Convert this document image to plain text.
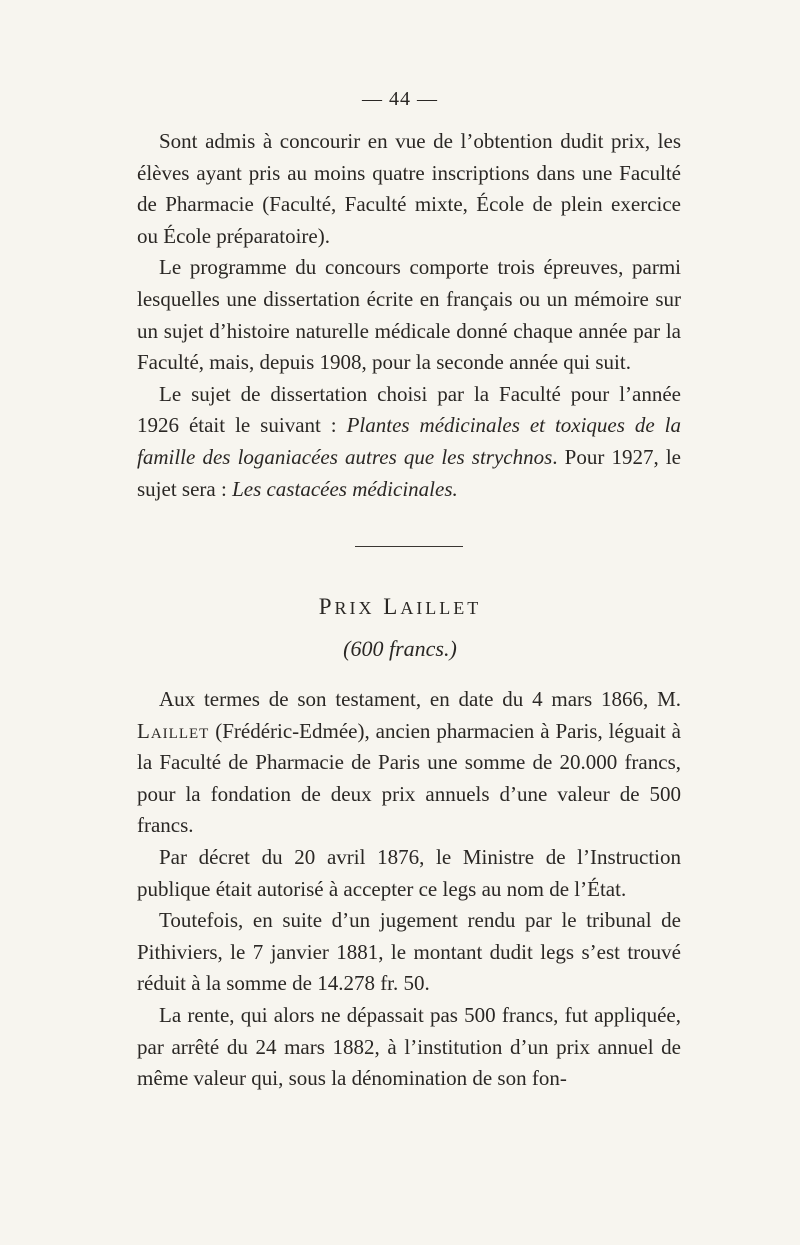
— 44 —

Sont admis à concourir en vue de l’obtention dudit prix, les élèves ayant pris au moins quatre inscriptions dans une Faculté de Pharmacie (Faculté, Faculté mixte, École de plein exercice ou École préparatoire).

Le programme du concours comporte trois épreuves, parmi lesquelles une dissertation écrite en français ou un mémoire sur un sujet d’histoire naturelle médicale donné chaque année par la Faculté, mais, depuis 1908, pour la seconde année qui suit.

Le sujet de dissertation choisi par la Faculté pour l’année 1926 était le suivant : Plantes médicinales et toxiques de la famille des loganiacées autres que les strychnos. Pour 1927, le sujet sera : Les castacées médicinales.

PRIX LAILLET
(600 francs.)

Aux termes de son testament, en date du 4 mars 1866, M. Laillet (Frédéric-Edmée), ancien pharmacien à Paris, léguait à la Faculté de Pharmacie de Paris une somme de 20.000 francs, pour la fondation de deux prix annuels d’une valeur de 500 francs.

Par décret du 20 avril 1876, le Ministre de l’Instruction publique était autorisé à accepter ce legs au nom de l’État.

Toutefois, en suite d’un jugement rendu par le tribunal de Pithiviers, le 7 janvier 1881, le montant dudit legs s’est trouvé réduit à la somme de 14.278 fr. 50.

La rente, qui alors ne dépassait pas 500 francs, fut appliquée, par arrêté du 24 mars 1882, à l’institution d’un prix annuel de même valeur qui, sous la dénomination de son fon-
